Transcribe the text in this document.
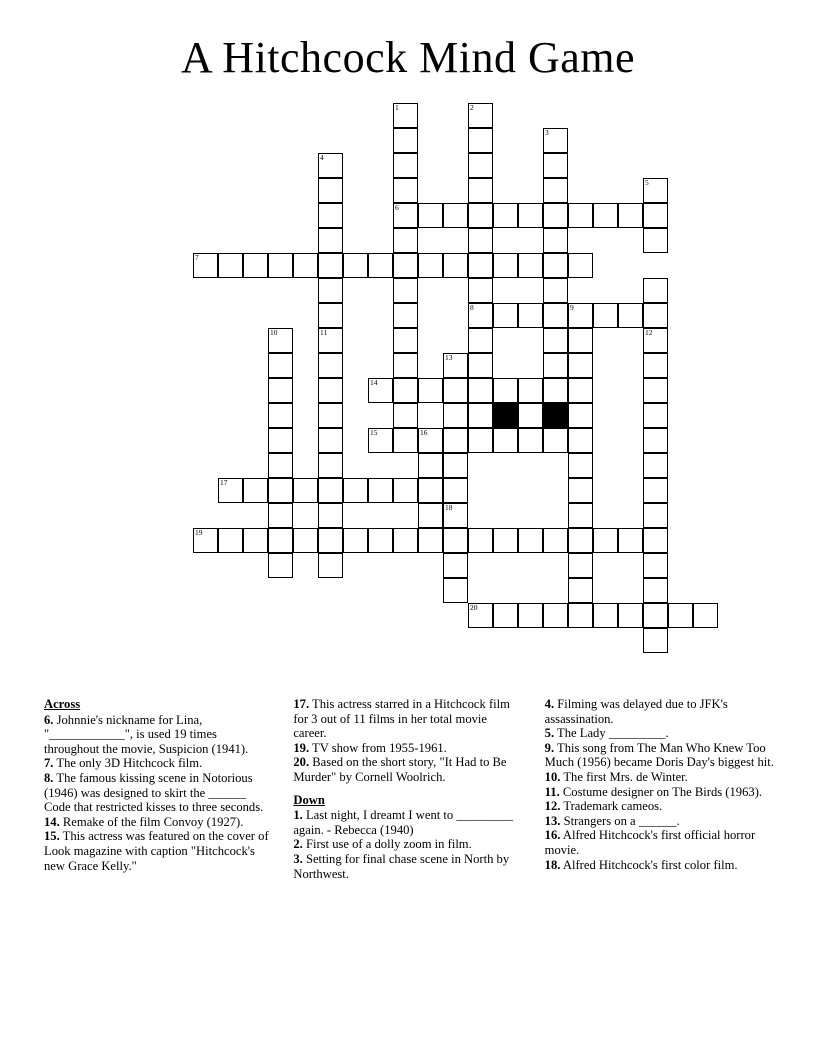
A Hitchcock Mind Game
1	2
3
4
5
6
7
8	9
10	11	12
13
14
15	16
17
18
19
20
Across
6. Johnnie's nickname for Lina, "____________", is used 19 times throughout the movie, Suspicion (1941).
7. The only 3D Hitchcock film.
8. The famous kissing scene in Notorious (1946) was designed to skirt the ______ Code that restricted kisses to three seconds.
14. Remake of the film Convoy (1927).
15. This actress was featured on the cover of Look magazine with caption "Hitchcock's new Grace Kelly."
17. This actress starred in a Hitchcock film for 3 out of 11 films in her total movie career.
19. TV show from 1955-1961.
20. Based on the short story, "It Had to Be Murder" by Cornell Woolrich.
Down
1. Last night, I dreamt I went to _________ again. - Rebecca (1940)
2. First use of a dolly zoom in film.
3. Setting for final chase scene in North by Northwest.
4. Filming was delayed due to JFK's assassination.
5. The Lady _________.
9. This song from The Man Who Knew Too Much (1956) became Doris Day's biggest hit.
10. The first Mrs. de Winter.
11. Costume designer on The Birds (1963).
12. Trademark cameos.
13. Strangers on a ______.
16. Alfred Hitchcock's first official horror movie.
18. Alfred Hitchcock's first color film.
